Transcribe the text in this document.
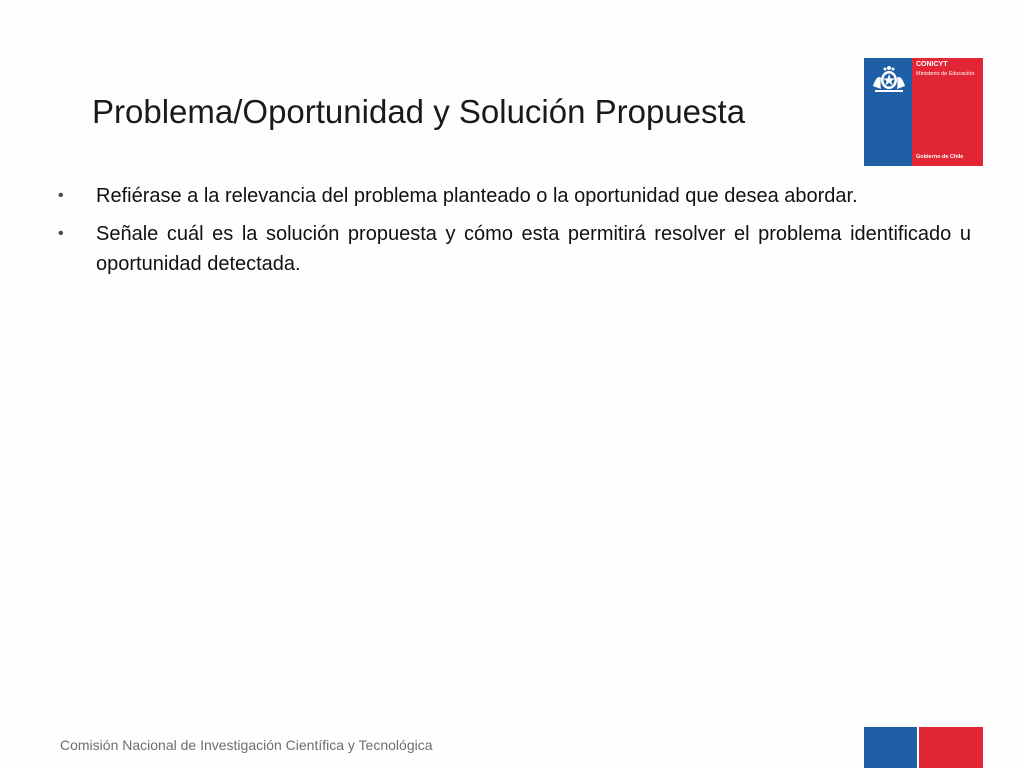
Problema/Oportunidad y Solución Propuesta
CONICYT
Ministerio de Educación
Gobierno de Chile
• Refiérase a la relevancia del problema planteado o la oportunidad que desea abordar.
• Señale cuál es la solución propuesta y cómo esta permitirá resolver el problema identificado u oportunidad detectada.
Comisión Nacional de Investigación Científica y Tecnológica
